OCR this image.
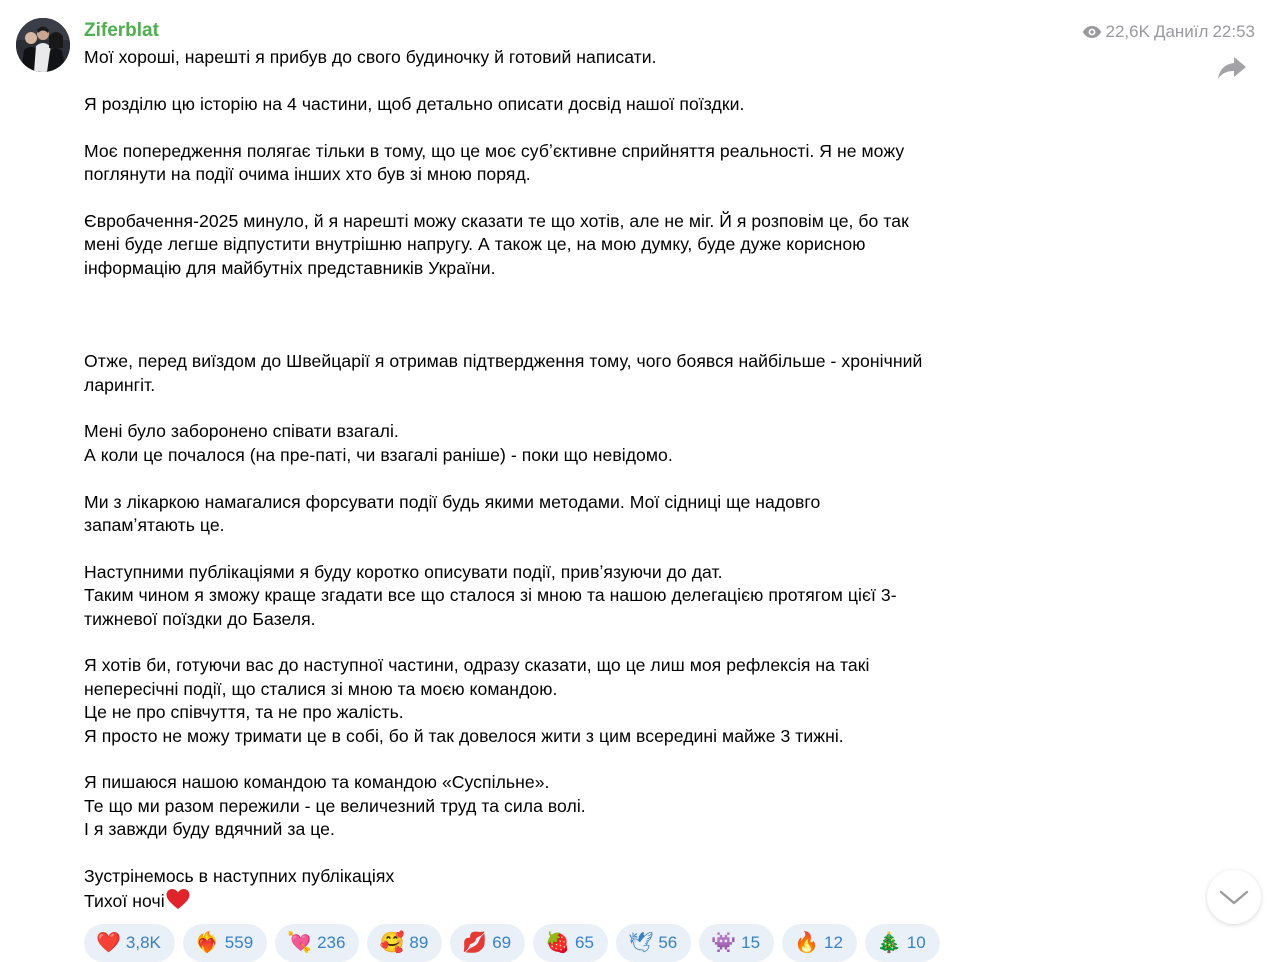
Ziferblat	22,6K Даниїл 22:53
Мої хороші, нарешті я прибув до свого будиночку й готовий написати.
Я розділю цю історію на 4 частини, щоб детально описати досвід нашої поїздки.
Моє попередження полягає тільки в тому, що це моє субʼєктивне сприйняття реальності. Я не можу
поглянути на події очима інших хто був зі мною поряд.
Євробачення-2025 минуло, й я нарешті можу сказати те що хотів, але не міг. Й я розповім це, бо так
мені буде легше відпустити внутрішню напругу. А також це, на мою думку, буде дуже корисною
інформацію для майбутніх представників України.
Отже, перед виїздом до Швейцарії я отримав підтвердження тому, чого боявся найбільше - хронічний
ларингіт.
Мені було заборонено співати взагалі.
А коли це почалося (на пре-паті, чи взагалі раніше) - поки що невідомо.
Ми з лікаркою намагалися форсувати події будь якими методами. Мої сідниці ще надовго
запамʼятають це.
Наступними публікаціями я буду коротко описувати події, привʼязуючи до дат.
Таким чином я зможу краще згадати все що сталося зі мною та нашою делегацією протягом цієї 3-
тижневої поїздки до Базеля.
Я хотів би, готуючи вас до наступної частини, одразу сказати, що це лиш моя рефлексія на такі
непересічні події, що сталися зі мною та моєю командою.
Це не про співчуття, та не про жалість.
Я просто не можу тримати це в собі, бо й так довелося жити з цим всередині майже 3 тижні.
Я пишаюся нашою командою та командою «Суспільне».
Те що ми разом пережили - це величезний труд та сила волі.
І я завжди буду вдячний за це.
Зустрінемось в наступних публікаціях
Тихої ночі
❤️ 3,8K ❤️‍🔥 559 💘 236 🥰 89 💋 69 🍓 65 🕊 56 👾 15 🔥 12 🎄 10
